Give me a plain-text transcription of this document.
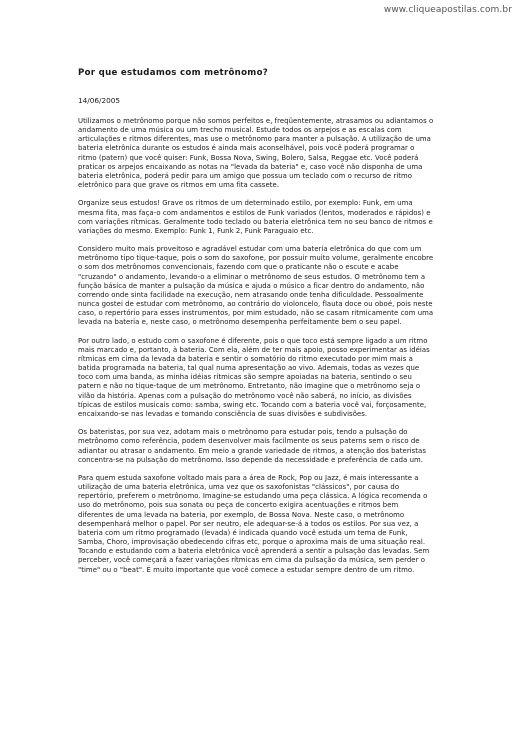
www.cliqueapostilas.com.br
Por que estudamos com metrônomo?
14/06/2005

Utilizamos o metrônomo porque não somos perfeitos e, freqüentemente, atrasamos ou adiantamos o andamento de uma música ou um trecho musical. Estude todos os arpejos e as escalas com articulações e ritmos diferentes, mas use o metrônomo para manter a pulsação. A utilização de uma bateria eletrônica durante os estudos é ainda mais aconselhável, pois você poderá programar o ritmo (patern) que você quiser: Funk, Bossa Nova, Swing, Bolero, Salsa, Reggae etc. Você poderá praticar os arpejos encaixando as notas na "levada da bateria" e, caso você não disponha de uma bateria eletrônica, poderá pedir para um amigo que possua um teclado com o recurso de ritmo eletrônico para que grave os ritmos em uma fita cassete.

Organize seus estudos! Grave os ritmos de um determinado estilo, por exemplo: Funk, em uma mesma fita, mas faça-o com andamentos e estilos de Funk variados (lentos, moderados e rápidos) e com variações rítmicas. Geralmente todo teclado ou bateria eletrônica tem no seu banco de ritmos e variações do mesmo. Exemplo: Funk 1, Funk 2, Funk Paraguaio etc.

Considero muito mais proveitoso e agradável estudar com uma bateria eletrônica do que com um metrônomo tipo tique-taque, pois o som do saxofone, por possuir muito volume, geralmente encobre o som dos metrônomos convencionais, fazendo com que o praticante não o escute e acabe "cruzando" o andamento, levando-o a eliminar o metrônomo de seus estudos. O metrônomo tem a função básica de manter a pulsação da música e ajuda o músico a ficar dentro do andamento, não correndo onde sinta facilidade na execução, nem atrasando onde tenha dificuldade. Pessoalmente nunca gostei de estudar com metrônomo, ao contrário do violoncelo, flauta doce ou oboé, pois neste caso, o repertório para esses instrumentos, por mim estudado, não se casam ritmicamente com uma levada na bateria e, neste caso, o metrônomo desempenha perfeitamente bem o seu papel.

Por outro lado, o estudo com o saxofone é diferente, pois o que toco está sempre ligado a um ritmo mais marcado e, portanto, à bateria. Com ela, além de ter mais apoio, posso experimentar as idéias rítmicas em cima da levada da bateria e sentir o somatório do ritmo executado por mim mais a batida programada na bateria, tal qual numa apresentação ao vivo. Ademais, todas as vezes que toco com uma banda, as minha idéias rítmicas são sempre apoiadas na bateria, sentindo o seu patern e não no tique-taque de um metrônomo. Entretanto, não imagine que o metrônomo seja o vilão da história. Apenas com a pulsação do metrônomo você não saberá, no início, as divisões típicas de estilos musicais como: samba, swing etc. Tocando com a bateria você vai, forçosamente, encaixando-se nas levadas e tomando consciência de suas divisões e subdivisões.

Os bateristas, por sua vez, adotam mais o metrônomo para estudar pois, tendo a pulsação do metrônomo como referência, podem desenvolver mais facilmente os seus paterns sem o risco de adiantar ou atrasar o andamento. Em meio a grande variedade de ritmos, a atenção dos bateristas concentra-se na pulsação do metrônomo. Isso depende da necessidade e preferência de cada um.

Para quem estuda saxofone voltado mais para a área de Rock, Pop ou Jazz, é mais interessante a utilização de uma bateria eletrônica, uma vez que os saxofonistas "clássicos", por causa do repertório, preferem o metrônomo. Imagine-se estudando uma peça clássica. A lógica recomenda o uso do metrônomo, pois sua sonata ou peça de concerto exigira acentuações e ritmos bem diferentes de uma levada na bateria, por exemplo, de Bossa Nova. Neste caso, o metrônomo desempenhará melhor o papel. Por ser neutro, ele adequar-se-á a todos os estilos. Por sua vez, a bateria com um ritmo programado (levada) é indicada quando você estuda um tema de Funk, Samba, Choro, improvisação obedecendo cifras etc, porque o aproxima mais de uma situação real. Tocando e estudando com a bateria eletrônica você aprenderá a sentir a pulsação das levadas. Sem perceber, você começará a fazer variações rítmicas em cima da pulsação da música, sem perder o "time" ou o "beat". É muito importante que você comece a estudar sempre dentro de um ritmo.
